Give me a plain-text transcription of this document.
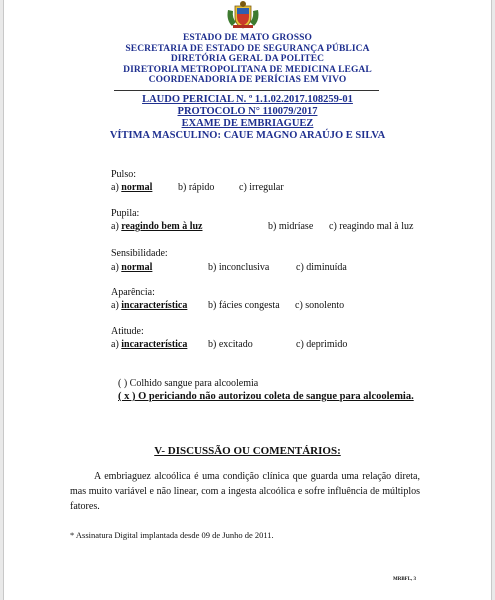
ESTADO DE MATO GROSSO
SECRETARIA DE ESTADO DE SEGURANÇA PÚBLICA
DIRETÓRIA GERAL DA POLITEC
DIRETORIA METROPOLITANA DE MEDICINA LEGAL
COORDENADORIA DE PERÍCIAS EM VIVO
LAUDO PERICIAL N. º 1.1.02.2017.108259-01
PROTOCOLO N° 110079/2017
EXAME DE EMBRIAGUEZ
VÍTIMA MASCULINO: CAUE MAGNO ARAÚJO E SILVA
Pulso:
a) normal	b) rápido c) irregular
Pupila:
a) reagindo bem à luz	b) midríase c) reagindo mal à luz
Sensibilidade:
a) normal	b) inconclusiva	c) diminuída
Aparência:
a) incaracterística b) fácies congesta c) sonolento
Atitude:
a) incaracterística b) excitado	c) deprimido
( ) Colhido sangue para alcoolemia
( x ) O periciando não autorizou coleta de sangue para alcoolemia.
V- DISCUSSÃO OU COMENTÁRIOS:
A embriaguez alcoólica é uma condição clínica que guarda uma relação direta, mas muito variável e não linear, com a ingesta alcoólica e sofre influência de múltiplos fatores.
* Assinatura Digital implantada desde 09 de Junho de 2011.
MRBFL, 3
